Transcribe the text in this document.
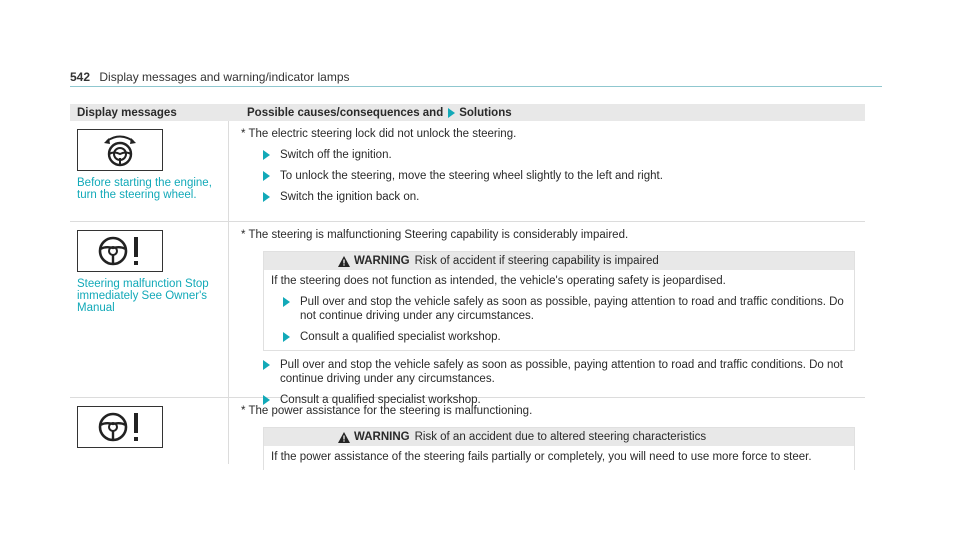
542 Display messages and warning/indicator lamps
Display messages	Possible causes/consequences and Solutions
Before starting the engine, turn the steering wheel.
* The electric steering lock did not unlock the steering.
Switch off the ignition.
To unlock the steering, move the steering wheel slightly to the left and right.
Switch the ignition back on.
Steering malfunction Stop immediately See Owner's Manual
* The steering is malfunctioning Steering capability is considerably impaired.
WARNING Risk of accident if steering capability is impaired
If the steering does not function as intended, the vehicle's operating safety is jeopardised.
Pull over and stop the vehicle safely as soon as possible, paying attention to road and traffic conditions. Do not continue driving under any circumstances.
Consult a qualified specialist workshop.
Pull over and stop the vehicle safely as soon as possible, paying attention to road and traffic conditions. Do not continue driving under any circumstances.
Consult a qualified specialist workshop.
* The power assistance for the steering is malfunctioning.
WARNING Risk of an accident due to altered steering characteristics
If the power assistance of the steering fails partially or completely, you will need to use more force to steer.
